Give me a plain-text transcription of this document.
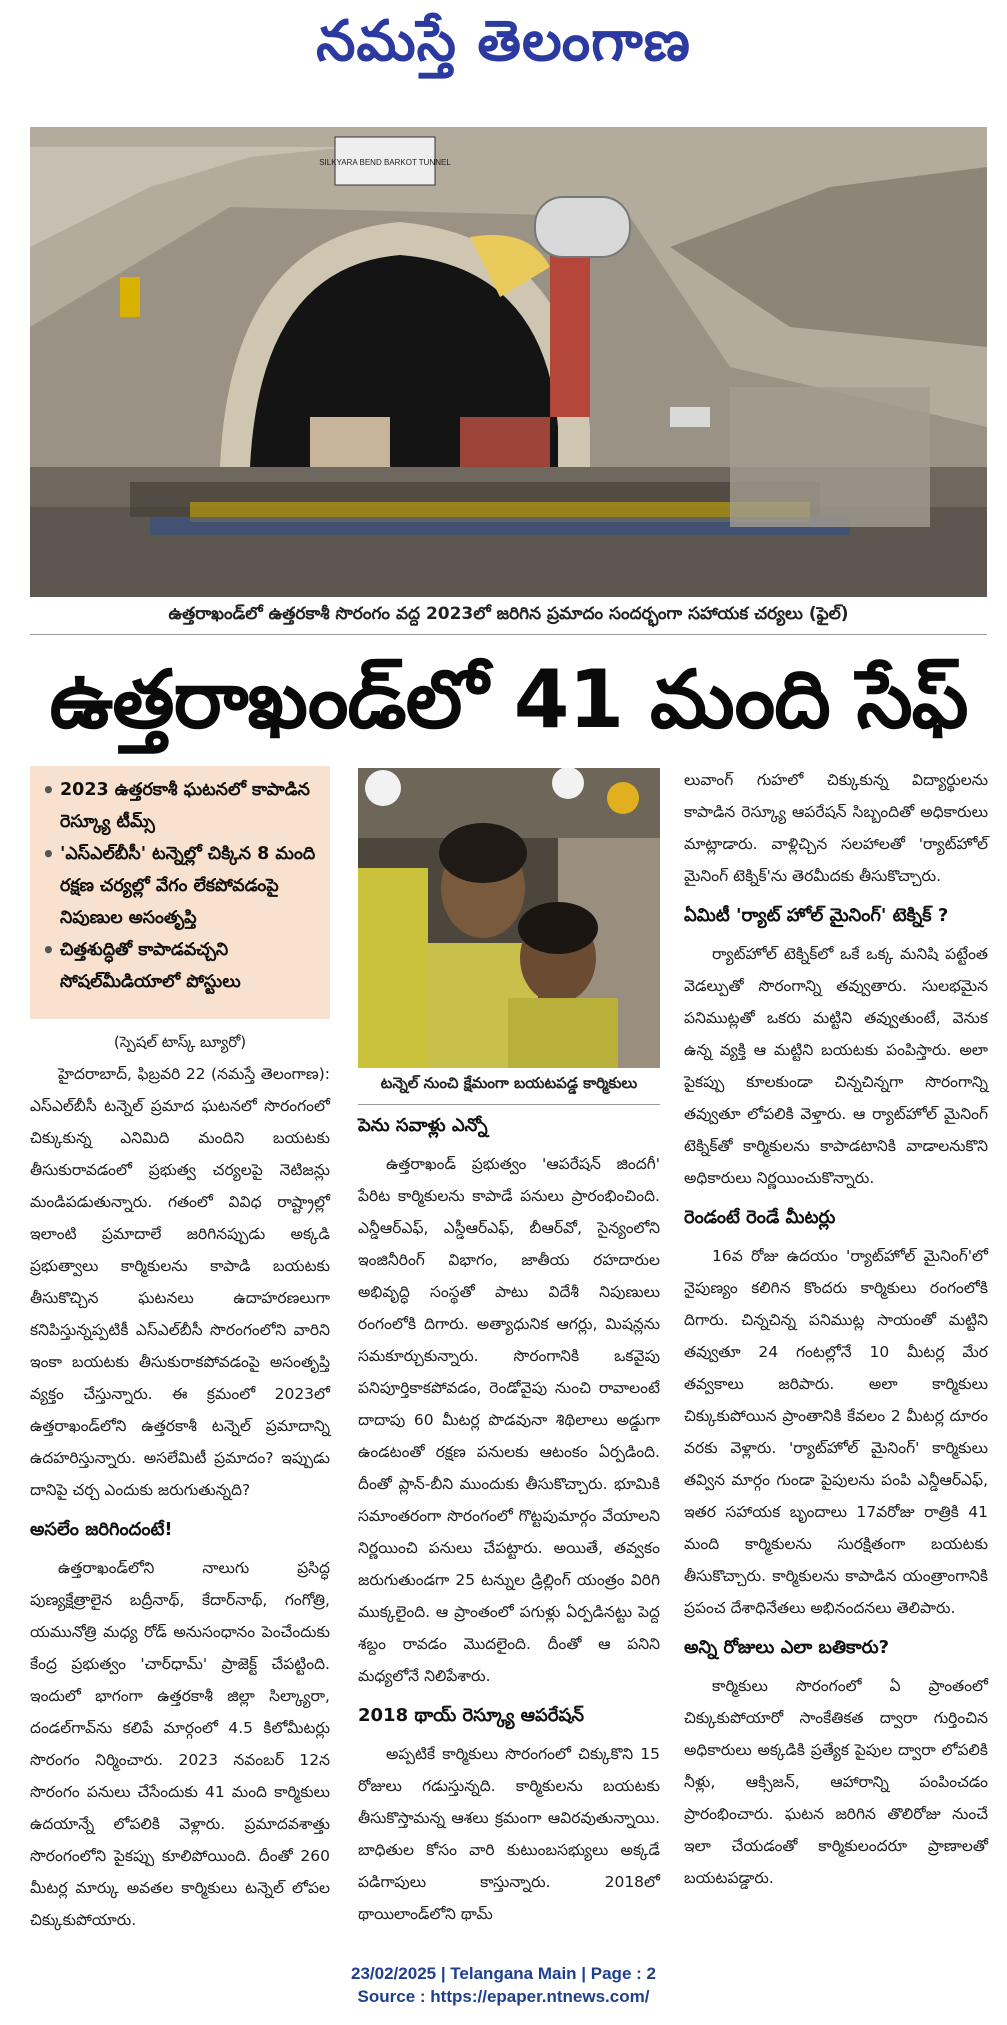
నమస్తే తెలంగాణ
SILKYARA BEND BARKOT TUNNEL
ఉత్తరాఖండ్‌లో ఉత్తరకాశీ సొరంగం వద్ద 2023లో జరిగిన ప్రమాదం సందర్భంగా సహాయక చర్యలు (ఫైల్)
ఉత్తరాఖండ్‌లో 41 మంది సేఫ్
• 2023 ఉత్తరకాశీ ఘటనలో కాపాడిన రెస్క్యూ టీమ్స్
• 'ఎస్‌ఎల్‌బీసీ' టన్నెల్లో చిక్కిన 8 మంది రక్షణ చర్యల్లో వేగం లేకపోవడంపై నిపుణుల అసంతృప్తి
• చిత్తశుద్ధితో కాపాడవచ్చని సోషల్‌మీడియాలో పోస్టులు

(స్పెషల్ టాస్క్ బ్యూరో)

హైదరాబాద్, ఫిబ్రవరి 22 (నమస్తే తెలంగాణ): ఎస్‌ఎల్‌బీసీ టన్నెల్ ప్రమాద ఘటనలో సొరంగంలో చిక్కుకున్న ఎనిమిది మందిని బయటకు తీసుకురావడంలో ప్రభుత్వ చర్యలపై నెటిజన్లు మండిపడుతున్నారు. గతంలో వివిధ రాష్ట్రాల్లో ఇలాంటి ప్రమాదాలే జరిగినప్పుడు అక్కడి ప్రభుత్వాలు కార్మికులను కాపాడి బయటకు తీసుకొచ్చిన ఘటనలు ఉదాహరణలుగా కనిపిస్తున్నప్పటికీ ఎస్‌ఎల్‌బీసీ సొరంగంలోని వారిని ఇంకా బయటకు తీసుకురాకపోవడంపై అసంతృప్తి వ్యక్తం చేస్తున్నారు. ఈ క్రమంలో 2023లో ఉత్తరాఖండ్‌లోని ఉత్తరకాశీ టన్నెల్ ప్రమాదాన్ని ఉదహరిస్తున్నారు. అసలేమిటీ ప్రమాదం? ఇప్పుడు దానిపై చర్చ ఎందుకు జరుగుతున్నది?

అసలేం జరిగిందంటే!

ఉత్తరాఖండ్‌లోని నాలుగు ప్రసిద్ధ పుణ్యక్షేత్రాలైన బద్రీనాథ్, కేదార్‌నాథ్, గంగోత్రి, యమునోత్రి మధ్య రోడ్ అనుసంధానం పెంచేందుకు కేంద్ర ప్రభుత్వం 'చార్‌ధామ్' ప్రాజెక్ట్ చేపట్టింది. ఇందులో భాగంగా ఉత్తరకాశీ జిల్లా సిల్క్యారా, దండల్‌గావ్‌ను కలిపే మార్గంలో 4.5 కిలోమీటర్లు సొరంగం నిర్మించారు. 2023 నవంబర్ 12న సొరంగం పనులు చేసేందుకు 41 మంది కార్మికులు ఉదయాన్నే లోపలికి వెళ్లారు. ప్రమాదవశాత్తు సొరంగంలోని పైకప్పు కూలిపోయింది. దీంతో 260 మీటర్ల మార్కు అవతల కార్మికులు టన్నెల్ లోపల చిక్కుకుపోయారు.

టన్నెల్ నుంచి క్షేమంగా బయటపడ్డ కార్మికులు
పెను సవాళ్లు ఎన్నో

ఉత్తరాఖండ్ ప్రభుత్వం 'ఆపరేషన్ జిందగీ' పేరిట కార్మికులను కాపాడే పనులు ప్రారంభించింది. ఎన్డీఆర్ఎఫ్, ఎస్డీఆర్ఎఫ్, బీఆర్‌వో, సైన్యంలోని ఇంజినీరింగ్ విభాగం, జాతీయ రహదారుల అభివృద్ధి సంస్థతో పాటు విదేశీ నిపుణులు రంగంలోకి దిగారు. అత్యాధునిక ఆగర్లు, మిషన్లను సమకూర్చుకున్నారు. సొరంగానికి ఒకవైపు పనిపూర్తికాకపోవడం, రెండోవైపు నుంచి రావాలంటే దాదాపు 60 మీటర్ల పొడవునా శిథిలాలు అడ్డుగా ఉండటంతో రక్షణ పనులకు ఆటంకం ఏర్పడింది. దీంతో ప్లాన్-బీని ముందుకు తీసుకొచ్చారు. భూమికి సమాంతరంగా సొరంగంలో గొట్టపుమార్గం వేయాలని నిర్ణయించి పనులు చేపట్టారు. అయితే, తవ్వకం జరుగుతుండగా 25 టన్నుల డ్రిల్లింగ్ యంత్రం విరిగి ముక్కలైంది. ఆ ప్రాంతంలో పగుళ్లు ఏర్పడినట్టు పెద్ద శబ్దం రావడం మొదలైంది. దీంతో ఆ పనిని మధ్యలోనే నిలిపేశారు.

2018 థాయ్ రెస్క్యూ ఆపరేషన్

అప్పటికే కార్మికులు సొరంగంలో చిక్కుకొని 15 రోజులు గడుస్తున్నది. కార్మికులను బయటకు తీసుకొస్తామన్న ఆశలు క్రమంగా ఆవిరవుతున్నాయి. బాధితుల కోసం వారి కుటుంబసభ్యులు అక్కడే పడిగాపులు కాస్తున్నారు. 2018లో థాయిలాండ్‌లోని థామ్

లువాంగ్ గుహలో చిక్కుకున్న విద్యార్థులను కాపాడిన రెస్క్యూ ఆపరేషన్ సిబ్బందితో అధికారులు మాట్లాడారు. వాళ్లిచ్చిన సలహాలతో 'ర్యాట్‌హోల్ మైనింగ్ టెక్నిక్'ను తెరమీదకు తీసుకొచ్చారు.

ఏమిటీ 'ర్యాట్ హోల్ మైనింగ్' టెక్నిక్ ?

ర్యాట్‌హోల్ టెక్నిక్‌లో ఒకే ఒక్క మనిషి పట్టేంత వెడల్పుతో సొరంగాన్ని తవ్వుతారు. సులభమైన పనిముట్లతో ఒకరు మట్టిని తవ్వుతుంటే, వెనుక ఉన్న వ్యక్తి ఆ మట్టిని బయటకు పంపిస్తారు. అలా పైకప్పు కూలకుండా చిన్నచిన్నగా సొరంగాన్ని తవ్వుతూ లోపలికి వెళ్తారు. ఆ ర్యాట్‌హోల్ మైనింగ్ టెక్నిక్‌తో కార్మికులను కాపాడటానికి వాడాలనుకొని అధికారులు నిర్ణయించుకొన్నారు.

రెండంటే రెండే మీటర్లు

16వ రోజు ఉదయం 'ర్యాట్‌హోల్ మైనింగ్'లో నైపుణ్యం కలిగిన కొందరు కార్మికులు రంగంలోకి దిగారు. చిన్నచిన్న పనిముట్ల సాయంతో మట్టిని తవ్వుతూ 24 గంటల్లోనే 10 మీటర్ల మేర తవ్వకాలు జరిపారు. అలా కార్మికులు చిక్కుకుపోయిన ప్రాంతానికి కేవలం 2 మీటర్ల దూరం వరకు వెళ్లారు. 'ర్యాట్‌హోల్ మైనింగ్' కార్మికులు తవ్విన మార్గం గుండా పైపులను పంపి ఎన్డీఆర్ఎఫ్, ఇతర సహాయక బృందాలు 17వరోజు రాత్రికి 41 మంది కార్మికులను సురక్షితంగా బయటకు తీసుకొచ్చారు. కార్మికులను కాపాడిన యంత్రాంగానికి ప్రపంచ దేశాధినేతలు అభినందనలు తెలిపారు.

అన్ని రోజులు ఎలా బతికారు?

కార్మికులు సొరంగంలో ఏ ప్రాంతంలో చిక్కుకుపోయారో సాంకేతికత ద్వారా గుర్తించిన అధికారులు అక్కడికి ప్రత్యేక పైపుల ద్వారా లోపలికి నీళ్లు, ఆక్సిజన్, ఆహారాన్ని పంపించడం ప్రారంభించారు. ఘటన జరిగిన తొలిరోజు నుంచే ఇలా చేయడంతో కార్మికులందరూ ప్రాణాలతో బయటపడ్డారు.

23/02/2025 | Telangana Main | Page : 2
Source : https://epaper.ntnews.com/
